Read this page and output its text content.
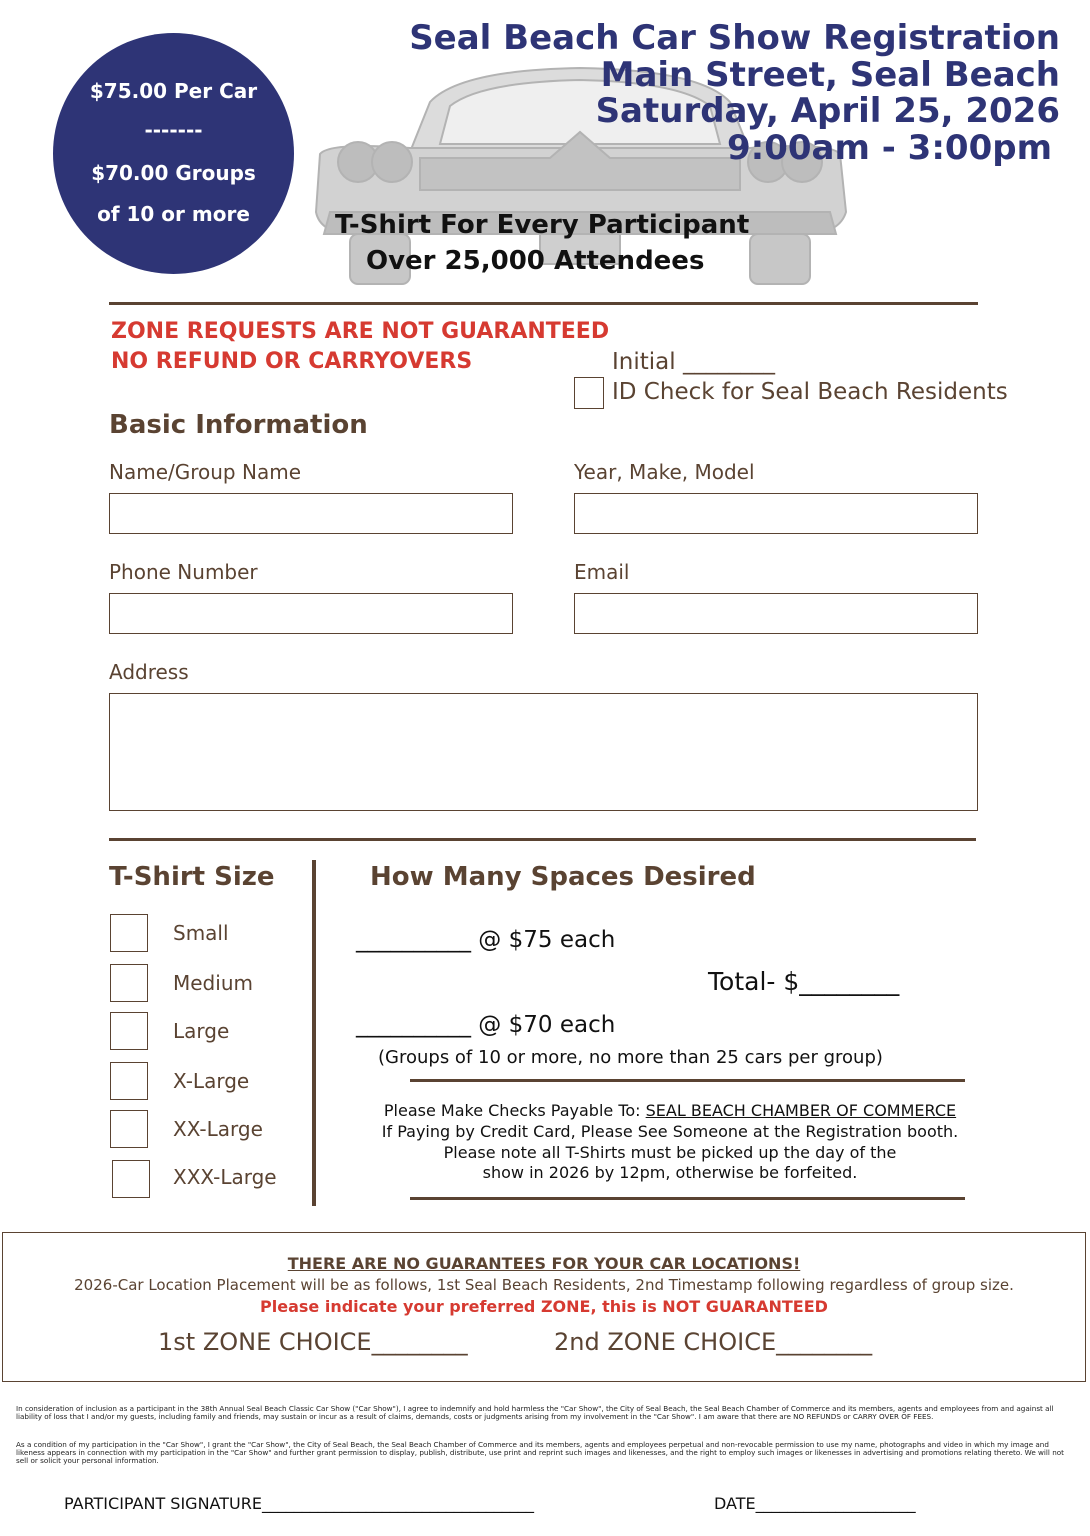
$75.00 Per Car
-------
$70.00 Groups
of 10 or more
Seal Beach Car Show Registration
Main Street, Seal Beach
Saturday, April 25, 2026
9:00am - 3:00pm
T-Shirt For Every Participant
Over 25,000 Attendees
ZONE REQUESTS ARE NOT GUARANTEED
NO REFUND OR CARRYOVERS	Initial ________
ID Check for Seal Beach Residents
Basic Information
Name/Group Name	Year, Make, Model
Phone Number	Email
Address
T-Shirt Size
Small
Medium
Large
X-Large
XX-Large
XXX-Large
How Many Spaces Desired
__________ @ $75 each
Total- $________
__________ @ $70 each
(Groups of 10 or more, no more than 25 cars per group)
Please Make Checks Payable To: SEAL BEACH CHAMBER OF COMMERCE
If Paying by Credit Card, Please See Someone at the Registration booth.
Please note all T-Shirts must be picked up the day of the
show in 2026 by 12pm, otherwise be forfeited.
THERE ARE NO GUARANTEES FOR YOUR CAR LOCATIONS!
2026-Car Location Placement will be as follows, 1st Seal Beach Residents, 2nd Timestamp following regardless of group size.
Please indicate your preferred ZONE, this is NOT GUARANTEED
1st ZONE CHOICE________	2nd ZONE CHOICE________
In consideration of inclusion as a participant in the 38th Annual Seal Beach Classic Car Show ("Car Show"), I agree to indemnify and hold harmless the "Car Show", the City of Seal Beach, the Seal Beach Chamber of Commerce and its members, agents and employees from and against all liability of loss that I and/or my guests, including family and friends, may sustain or incur as a result of claims, demands, costs or judgments arising from my involvement in the "Car Show". I am aware that there are NO REFUNDS or CARRY OVER OF FEES.
As a condition of my participation in the "Car Show", I grant the "Car Show", the City of Seal Beach, the Seal Beach Chamber of Commerce and its members, agents and employees perpetual and non-revocable permission to use my name, photographs and video in which my image and likeness appears in connection with my participation in the "Car Show" and further grant permission to display, publish, distribute, use print and reprint such images and likenesses, and the right to employ such images or likenesses in advertising and promotions relating thereto. We will not sell or solicit your personal information.
PARTICIPANT SIGNATURE__________________________________	DATE____________________
